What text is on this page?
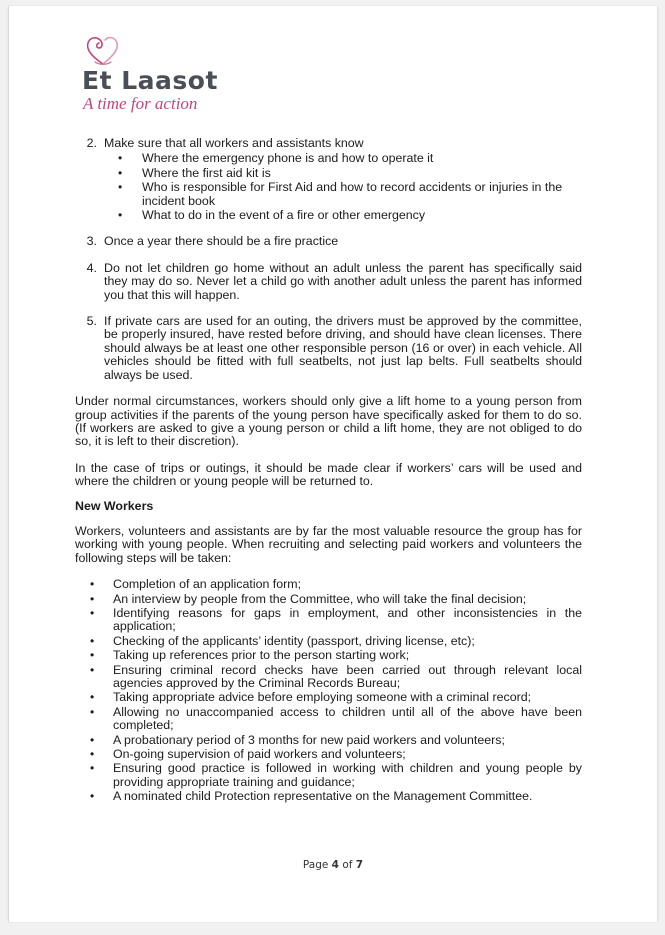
Et Laasot
A time for action
2. Make sure that all workers and assistants know
• Where the emergency phone is and how to operate it
• Where the first aid kit is
• Who is responsible for First Aid and how to record accidents or injuries in the incident book
• What to do in the event of a fire or other emergency
3. Once a year there should be a fire practice
4. Do not let children go home without an adult unless the parent has specifically said they may do so. Never let a child go with another adult unless the parent has informed you that this will happen.
5. If private cars are used for an outing, the drivers must be approved by the committee, be properly insured, have rested before driving, and should have clean licenses. There should always be at least one other responsible person (16 or over) in each vehicle. All vehicles should be fitted with full seatbelts, not just lap belts. Full seatbelts should always be used.

Under normal circumstances, workers should only give a lift home to a young person from group activities if the parents of the young person have specifically asked for them to do so. (If workers are asked to give a young person or child a lift home, they are not obliged to do so, it is left to their discretion).

In the case of trips or outings, it should be made clear if workers’ cars will be used and where the children or young people will be returned to.

New Workers

Workers, volunteers and assistants are by far the most valuable resource the group has for working with young people. When recruiting and selecting paid workers and volunteers the following steps will be taken:

• Completion of an application form;
• An interview by people from the Committee, who will take the final decision;
• Identifying reasons for gaps in employment, and other inconsistencies in the application;
• Checking of the applicants’ identity (passport, driving license, etc);
• Taking up references prior to the person starting work;
• Ensuring criminal record checks have been carried out through relevant local agencies approved by the Criminal Records Bureau;
• Taking appropriate advice before employing someone with a criminal record;
• Allowing no unaccompanied access to children until all of the above have been completed;
• A probationary period of 3 months for new paid workers and volunteers;
• On-going supervision of paid workers and volunteers;
• Ensuring good practice is followed in working with children and young people by providing appropriate training and guidance;
• A nominated child Protection representative on the Management Committee.
Page 4 of 7
